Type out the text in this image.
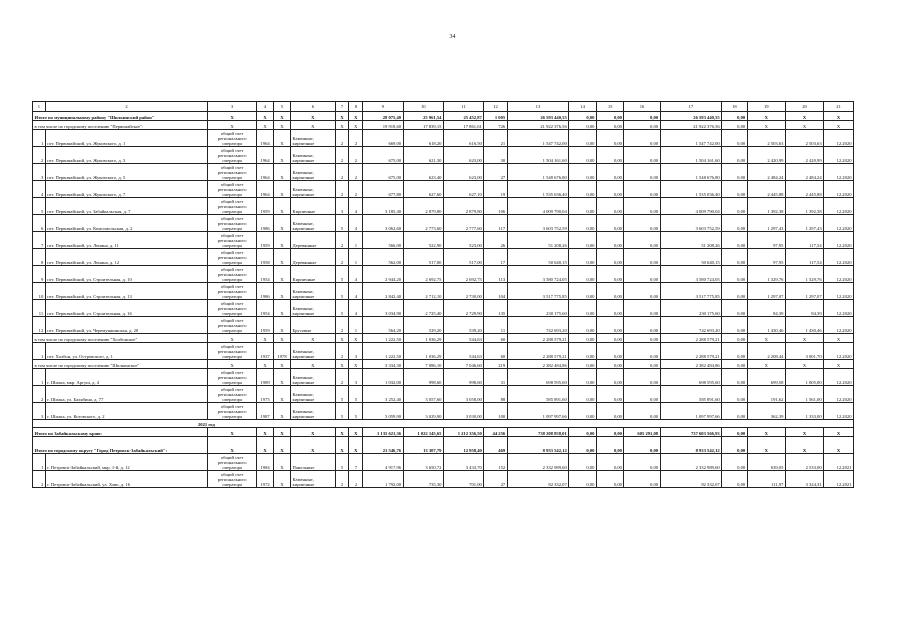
34
1	2	3	4	5	6	7	8	9	10	11	12	13	14	15	16	17	18	19	20	21
Итого по муниципальному району "Шилкинский район"		X	X	X	X	X	X	28 075,40	25 961,54	25 452,87	1 005	26 593 440,55	0,00	0,00	0,00	26 593 440,55	0,00	X	X	X
в том числе по городскому поселению "Первомайское":		X	X	X	X	X	X	19 918,60	17 839,15	17 861,61	726	21 922 376,56	0,00	0,00	0,00	21 922 376,56	0,00	X	X	X
1	пгт. Первомайский, ул. Жуковского, д. 1	общий счет регионального оператора	1964	X	Каменные, кирпичные	2	2	669,00	618,20	616,50	21	1 547 742,00	0,00	0,00	0,00	1 547 742,00	0,00	2 503,63	2 503,63	12.2020
2	пгт. Первомайский, ул. Жуковского, д. 3	общий счет регионального оператора	1964	X	Каменные, кирпичные	2	2	675,00	621,30	623,00	30	1 504 161,60	0,00	0,00	0,00	1 504 161,60	0,00	2 420,99	2 420,99	12.2020
3	пгт. Первомайский, ул. Жуковского, д. 5	общий счет регионального оператора	1964	X	Каменные, кирпичные	2	2	675,00	623,40	623,00	27	1 548 676,80	0,00	0,00	0,00	1 548 676,80	0,00	2 484,24	2 484,24	12.2020
4	пгт. Первомайский, ул. Жуковского, д. 7	общий счет регионального оператора	1964	X	Каменные, кирпичные	2	2	677,80	627,60	627,10	19	1 535 036,40	0,00	0,00	0,00	1 535 036,40	0,00	2 445,88	2 445,88	12.2020
5	пгт. Первомайский, ул. Забайкальская, д. 7	общий счет регионального оператора	1959	X	Кирпичные	3	4	3 185,40	2 879,80	2 879,80	106	4 009 790,04	0,00	0,00	0,00	4 009 790,04	0,00	1 392,38	1 392,38	12.2020
6	пгт. Первомайский, ул. Комсомольская, д. 2	общий счет регионального оператора	1986	X	Каменные, кирпичные	5	4	3 062,60	2 773,60	2 777,60	117	3 603 752,59	0,00	0,00	0,00	3 603 752,59	0,00	1 297,43	1 297,43	12.2020
7	пгт. Первомайский, ул. Ленина, д. 11	общий счет регионального оператора	1959	X	Деревянные	2	1	566,00	522,90	523,00	26	51 208,26	0,00	0,00	0,00	51 208,26	0,00	97,95	117,54	12.2020
8	пгт. Первомайский, ул. Ленина, д. 12	общий счет регионального оператора	1958	X	Деревянные	2	1	562,00	517,00	517,00	17	50 640,15	0,00	0,00	0,00	50 640,15	0,00	97,95	117,54	12.2020
9	пгт. Первомайский, ул. Строительная, д. 10	общий счет регионального оператора	1954	X	Кирпичные	5	4	2 944,20	2 692,75	2 692,75	113	3 580 724,05	0,00	0,00	0,00	3 580 724,05	0,00	1 329,76	1 329,76	12.2020
10	пгт. Первомайский, ул. Строительная, д. 13	общий счет регионального оператора	1986	X	Каменные, кирпичные	5	4	2 842,40	2 712,10	2 730,00	104	3 517 775,85	0,00	0,00	0,00	3 517 775,85	0,00	1 297,07	1 297,07	12.2020
11	пгт. Первомайский, ул. Строительная, д. 16	общий счет регионального оператора	1954	X	Каменные, кирпичные	5	4	3 034,90	2 725,40	2 729,90	135	230 175,60	0,00	0,00	0,00	230 175,60	0,00	84,39	84,39	12.2020
12	пгт. Первомайский, ул. Черемушкинская, д. 20	общий счет регионального оператора	1959	X	Брусовые	2	1	564,20	529,20	539,20	11	742 693,20	0,00	0,00	0,00	742 693,20	0,00	1 430,46	1 430,46	12.2020
в том числе по городскому поселению "Холбонское"		X	X	X	X	X	X	1 222,50	1 036,29	544,63	60	2 288 579,21	0,00	0,00	0,00	2 288 579,21	0,00	X	X	X
1	пгт. Холбон, ул. Островского, д. 1	общий счет регионального оператора	1937	1978	Каменные, кирпичные	2	3	1 222,50	1 036,29	544,63	60	2 288 579,21	0,00	0,00	0,00	2 288 579,21	0,00	2 208,44	3 001,70	12.2020
в том числе по городскому поселению "Шилкинское"		X	X	X	X	X	X	3 334,30	7 086,10	7 046,60	219	2 382 484,86	0,00	0,00	0,00	2 382 484,86	0,00	X	X	X
1	г. Шилка, мкр. Аргуш, д. 4	общий счет регионального оператора	1989	X	Каменные, кирпичные	2	3	1 032,00	998,60	998,60	31	698 595,60	0,00	0,00	0,00	698 595,60	0,00	699,58	1 005,00	12.2020
2	г. Шилка, ул. Балябина, д. 77	общий счет регионального оператора	1975	X	Каменные, кирпичные	5	5	3 252,40	3 057,60	3 058,00	88	585 891,60	0,00	0,00	0,00	585 891,60	0,00	191,62	1 561,00	12.2020
3	г. Шилка, ул. Котовского, д. 2	общий счет регионального оператора	1987	X	Каменные, кирпичные	5	5	3 059,90	3 029,90	3 030,00	100	1 097 997,66	0,00	0,00	0,00	1 097 997,66	0,00	362,39	1 333,00	12.2020
2021 год																				
Итого по Забайкальскому краю:		X	X	X	X	X	X	1 135 621,36	1 022 145,65	1 212 356,50	44 256	738 208 858,01	0,00	0,00	605 291,08	737 603 566,93	0,00	X	X	X
Итого по городскому округу "Город Петровск-Забайкальский":		X	X	X	X	X	X	21 546,76	13 307,79	12 958,40	469	8 933 542,12	0,00	0,00	0,00	8 933 542,12	0,00	X	X	X
1	г. Петровск-Забайкальский, мкр. 1-й, д. 12	общий счет регионального оператора	1984	X	Панельные	5	7	4 917,96	3 650,72	3 433,70	152	2 332 989,60	0,00	0,00	0,00	2 332 989,60	0,00	639,05	2 533,00	12.2021
2	г. Петровск-Забайкальский, ул. Хмю, д. 16	общий счет регионального оператора	1972	X	Каменные, кирпичные	2	2	1 792,00	735,30	701,00	27	82 332,07	0,00	0,00	0,00	82 332,07	0,00	111,97	3 324,31	12.2021
